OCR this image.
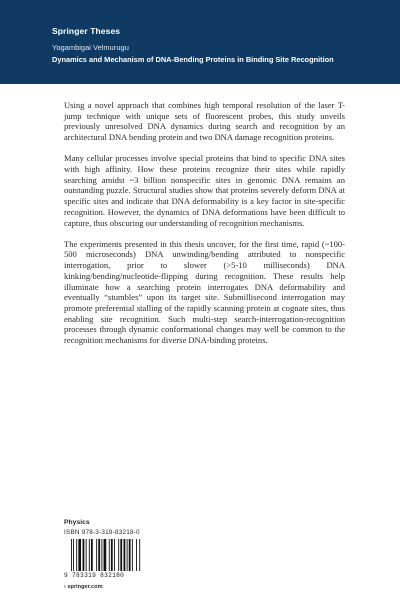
Springer Theses
Yogambigai Velmurugu
Dynamics and Mechanism of DNA-Bending Proteins in Binding Site Recognition

Using a novel approach that combines high temporal resolution of the laser T-jump technique with unique sets of fluorescent probes, this study unveils previously unresolved DNA dynamics during search and recognition by an architectural DNA bending protein and two DNA damage recognition proteins.

Many cellular processes involve special proteins that bind to specific DNA sites with high affinity. How these proteins recognize their sites while rapidly searching amidst ~3 billion nonspecific sites in genomic DNA remains an outstanding puzzle. Structural studies show that proteins severely deform DNA at specific sites and indicate that DNA deformability is a key factor in site-specific recognition. However, the dynamics of DNA deformations have been difficult to capture, thus obscuring our understanding of recognition mechanisms.

The experiments presented in this thesis uncover, for the first time, rapid (~100-500 microseconds) DNA unwinding/bending attributed to nonspecific interrogation, prior to slower (>5-10 milliseconds) DNA kinking/bending/nucleotide-flipping during recognition. These results help illuminate how a searching protein interrogates DNA deformability and eventually “stumbles” upon its target site. Submillisecond interrogation may promote preferential stalling of the rapidly scanning protein at cognate sites, thus enabling site recognition. Such multi-step search-interrogation-recognition processes through dynamic conformational changes may well be common to the recognition mechanisms for diverse DNA-binding proteins.

Physics
ISBN 978-3-319-83218-0
9 783319 832180
› springer.com
